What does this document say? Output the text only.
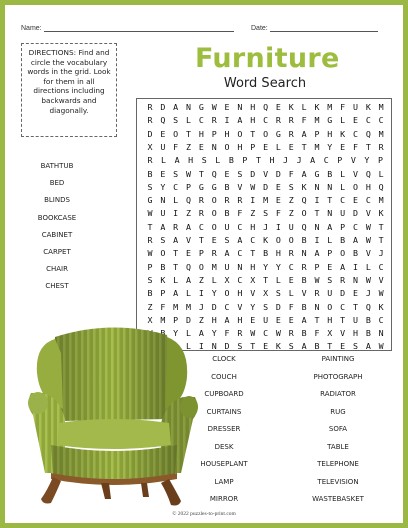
Name:	Date:
DIRECTIONS: Find and circle the vocabulary words in the grid. Look for them in all directions including backwards and diagonally.
Furniture
Word Search
R D A N G W E N H Q E K L K M F U K M
R Q S L C R I A H C R R F M G L E C C
D E O T H P H O T O G R A P H K C Q M
X U F Z E N O H P E L E T M Y E F T R
R	L	A	H	S	L	B	P	T	H	J	J	A	C	P	V	Y	P
B E S W T Q E S D V D F A G B L V Q L
S Y C P G G B V W D E S K N N L O H Q
G N L Q R O R R I M E Z Q I T C E C M
W U I Z R O B F Z S F Z O T N U D V K
T A R A C O U C H J I U Q N A P C W T
R S A V T E S A C K O O B I L B A W T
W O T E P R A C T B H R N A P O B V J
P B T Q O M U N H Y Y C R P E A I L C
S K L A Z L X C X T L E B W S R N W V
B P A L I Y O H V X S L V R U D E J W
Z F M M J D C V Y S D F B N O C T Q K
X M P D Z H A H E U E E A T H T U B C
B Y L A Y F R W C W R B F X V H B N
L I N D S T E K S A B T E S A W
BATHTUB
BED
BLINDS
BOOKCASE
CABINET
CARPET
CHAIR
CHEST
CLOCK
COUCH
CUPBOARD
CURTAINS
DRESSER
DESK
HOUSEPLANT
LAMP
MIRROR
PAINTING
PHOTOGRAPH
RADIATOR
RUG
SOFA
TABLE
TELEPHONE
TELEVISION
WASTEBASKET
© 2022 puzzles-to-print.com
